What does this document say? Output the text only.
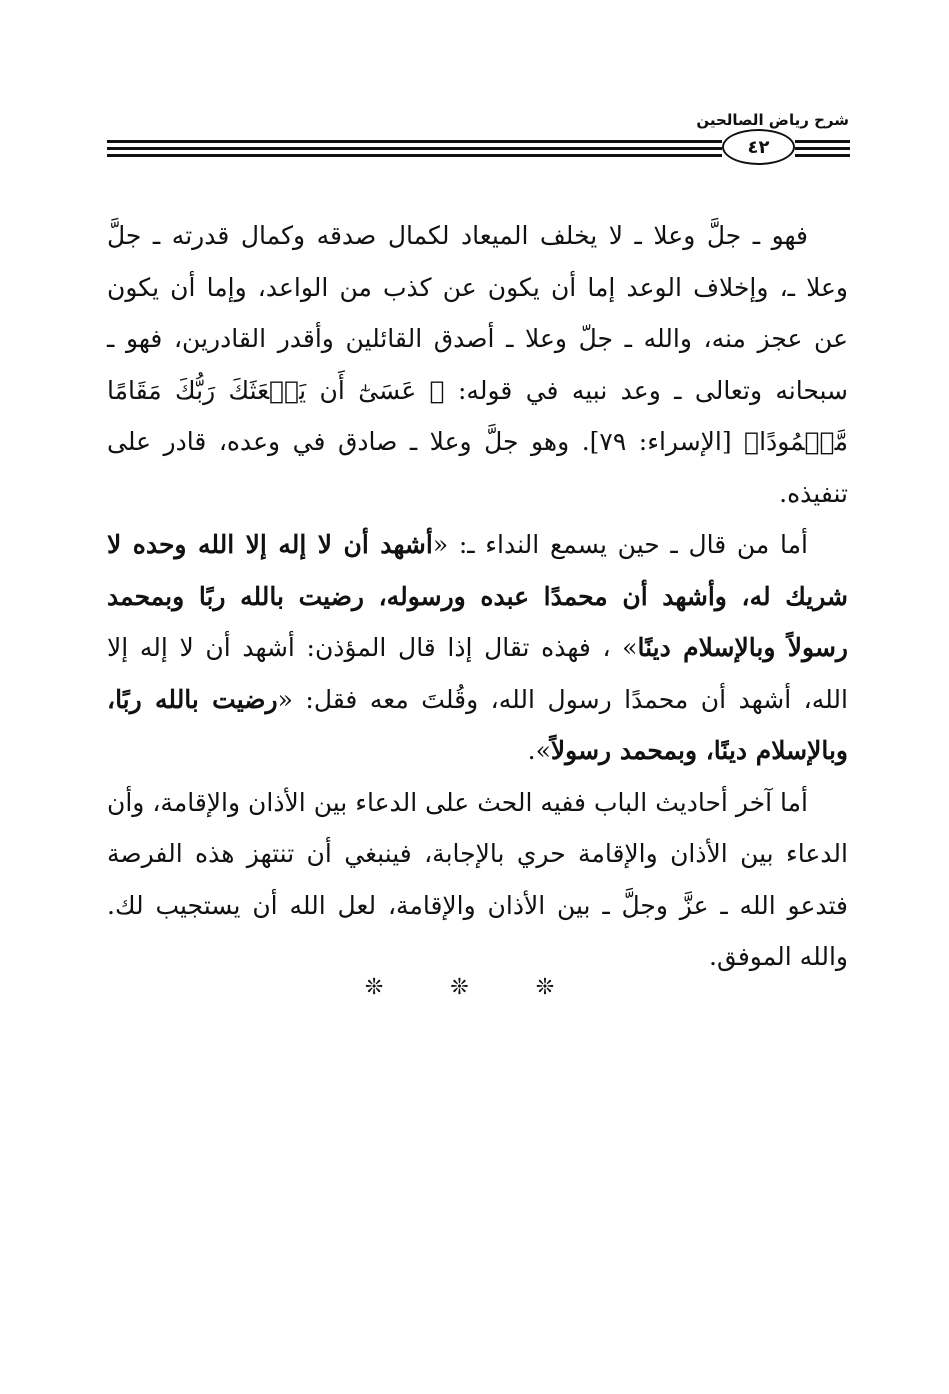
شرح رياض الصالحين
٤٢

فهو ـ جلَّ وعلا ـ لا يخلف الميعاد لكمال صدقه وكمال قدرته ـ جلَّ وعلا ـ، وإخلاف الوعد إما أن يكون عن كذب من الواعد، وإما أن يكون عن عجز منه، والله ـ جلّ وعلا ـ أصدق القائلين وأقدر القادرين، فهو ـ سبحانه وتعالى ـ وعد نبيه في قوله: ﴿ عَسَىٰٓ أَن يَبۡعَثَكَ رَبُّكَ مَقَامًا مَّحۡمُودًا﴾ [الإسراء: ٧٩]. وهو جلَّ وعلا ـ صادق في وعده، قادر على تنفيذه.

أما من قال ـ حين يسمع النداء ـ: «أشهد أن لا إله إلا الله وحده لا شريك له، وأشهد أن محمدًا عبده ورسوله، رضيت بالله ربًا وبمحمد رسولاً وبالإسلام دينًا» ، فهذه تقال إذا قال المؤذن: أشهد أن لا إله إلا الله، أشهد أن محمدًا رسول الله، وقُلتَ معه فقل: «رضيت بالله ربًا، وبالإسلام دينًا، وبمحمد رسولاً».

أما آخر أحاديث الباب ففيه الحث على الدعاء بين الأذان والإقامة، وأن الدعاء بين الأذان والإقامة حري بالإجابة، فينبغي أن تنتهز هذه الفرصة فتدعو الله ـ عزَّ وجلَّ ـ بين الأذان والإقامة، لعل الله أن يستجيب لك. والله الموفق.

❊ ❊ ❊
